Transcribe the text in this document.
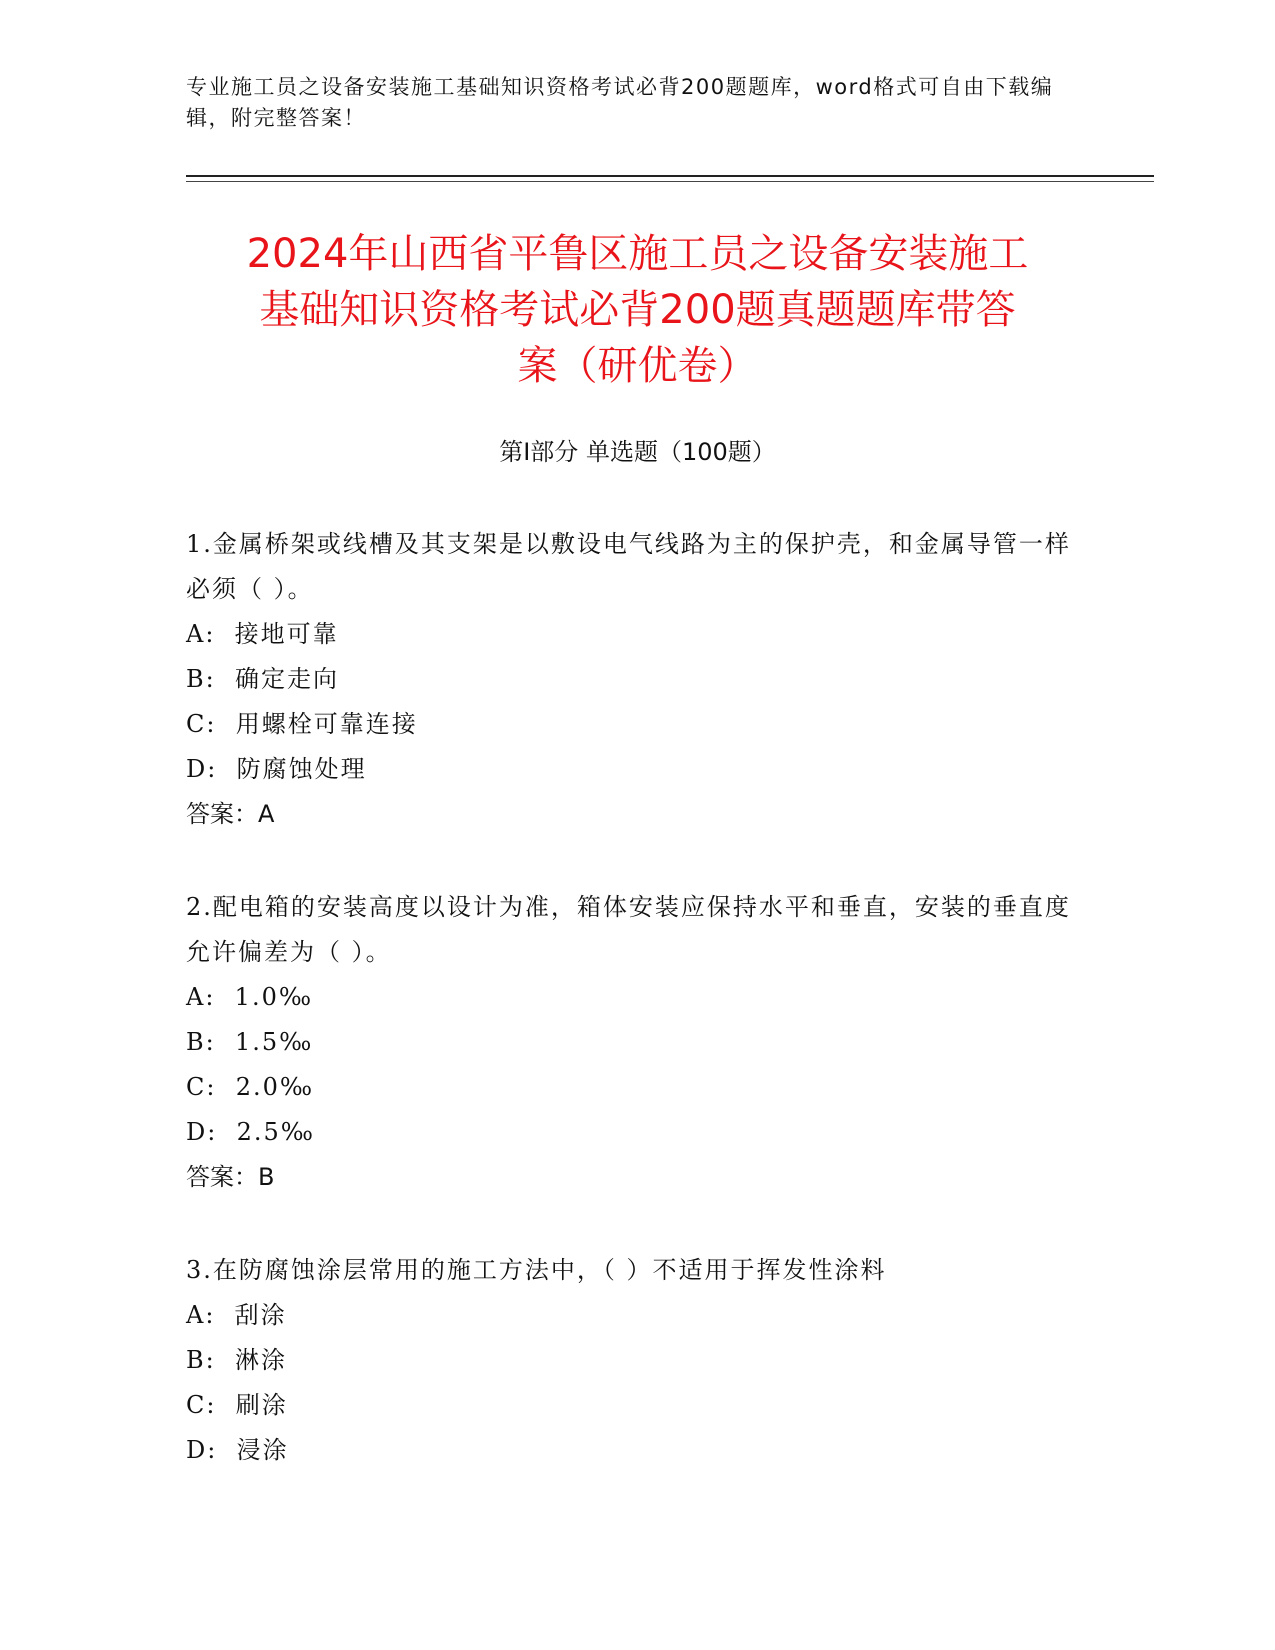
专业施工员之设备安装施工基础知识资格考试必背200题题库，word格式可自由下载编辑，附完整答案！
2024年山西省平鲁区施工员之设备安装施工
基础知识资格考试必背200题真题题库带答
案（研优卷）
第Ⅰ部分 单选题（100题）

1.金属桥架或线槽及其支架是以敷设电气线路为主的保护壳，和金属导管一样必须（ ）。

A:  接地可靠

B:  确定走向

C:  用螺栓可靠连接

D:  防腐蚀处理

答案：A

2.配电箱的安装高度以设计为准，箱体安装应保持水平和垂直，安装的垂直度允许偏差为（ ）。

A:  1.0‰

B:  1.5‰

C:  2.0‰

D:  2.5‰

答案：B

3.在防腐蚀涂层常用的施工方法中，（ ）不适用于挥发性涂料

A:  刮涂

B:  淋涂

C:  刷涂

D:  浸涂
